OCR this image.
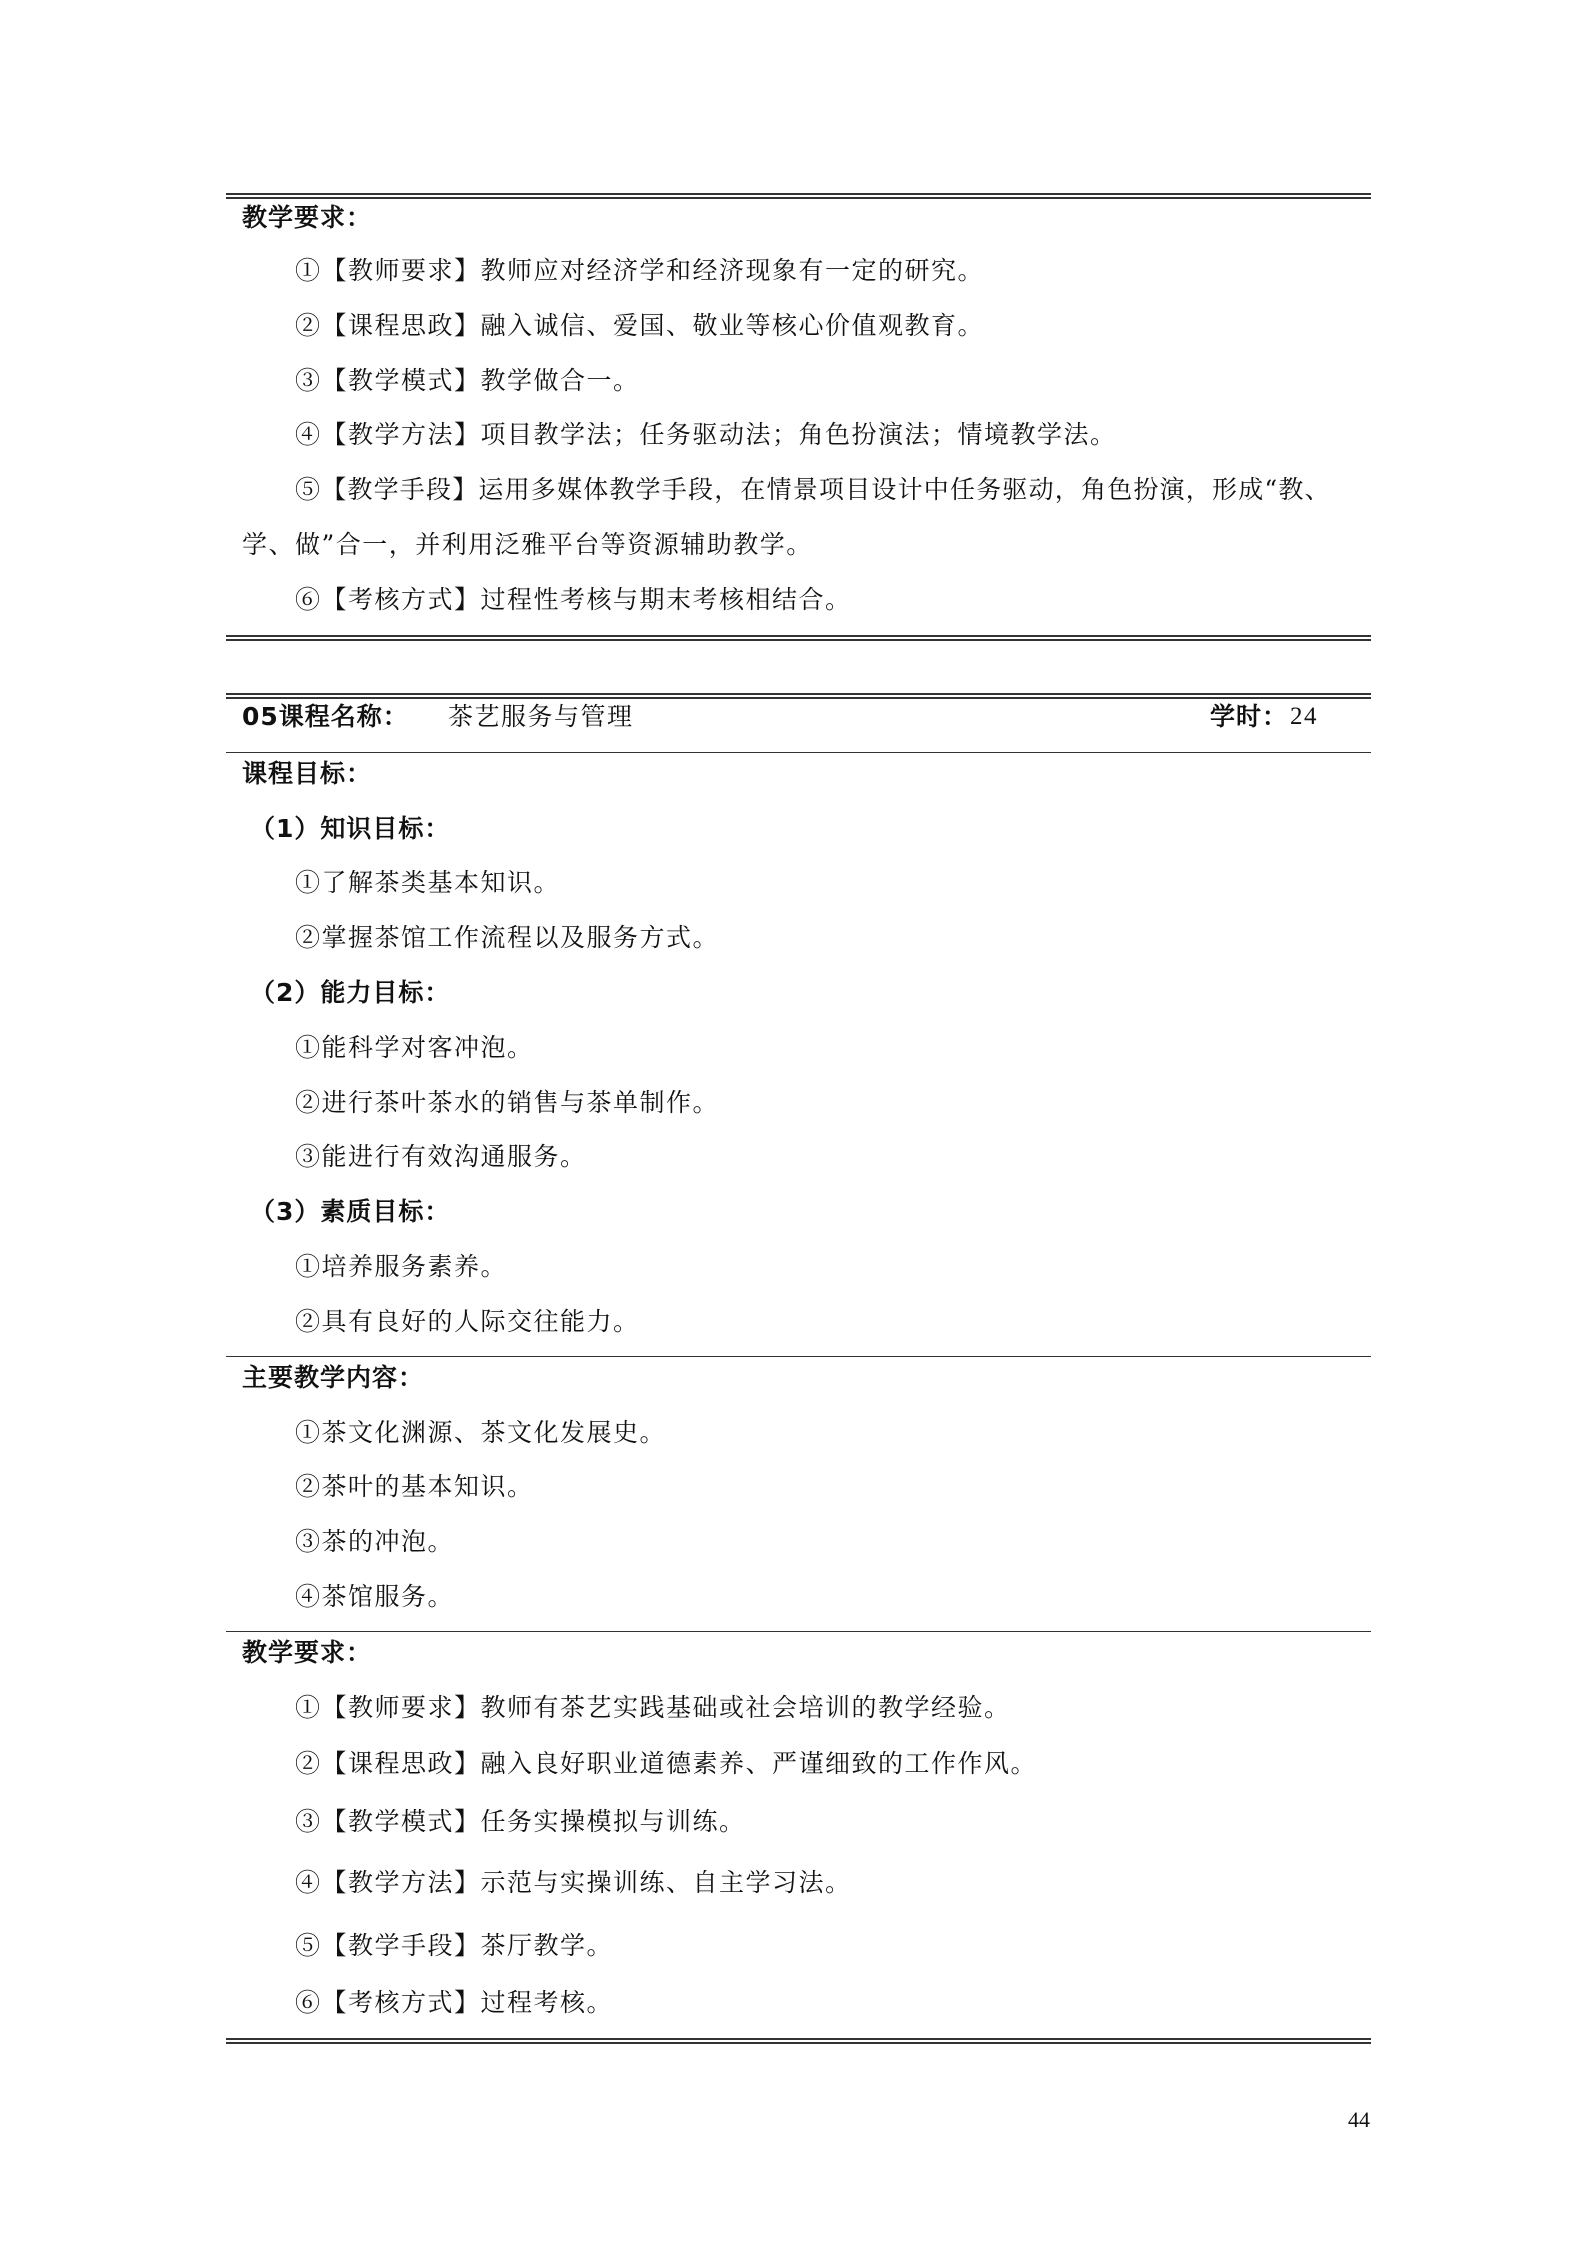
教学要求：
①【教师要求】教师应对经济学和经济现象有一定的研究。
②【课程思政】融入诚信、爱国、敬业等核心价值观教育。
③【教学模式】教学做合一。
④【教学方法】项目教学法；任务驱动法；角色扮演法；情境教学法。
⑤【教学手段】运用多媒体教学手段，在情景项目设计中任务驱动，角色扮演，形成“教、
学、做”合一，并利用泛雅平台等资源辅助教学。
⑥【考核方式】过程性考核与期末考核相结合。
05课程名称： 茶艺服务与管理	学时： 24
课程目标：
（1）知识目标：
①了解茶类基本知识。
②掌握茶馆工作流程以及服务方式。
（2）能力目标：
①能科学对客冲泡。
②进行茶叶茶水的销售与茶单制作。
③能进行有效沟通服务。
（3）素质目标：
①培养服务素养。
②具有良好的人际交往能力。
主要教学内容：
①茶文化渊源、茶文化发展史。
②茶叶的基本知识。
③茶的冲泡。
④茶馆服务。
教学要求：
①【教师要求】教师有茶艺实践基础或社会培训的教学经验。
②【课程思政】融入良好职业道德素养、严谨细致的工作作风。
③【教学模式】任务实操模拟与训练。
④【教学方法】示范与实操训练、自主学习法。
⑤【教学手段】茶厅教学。
⑥【考核方式】过程考核。
44
